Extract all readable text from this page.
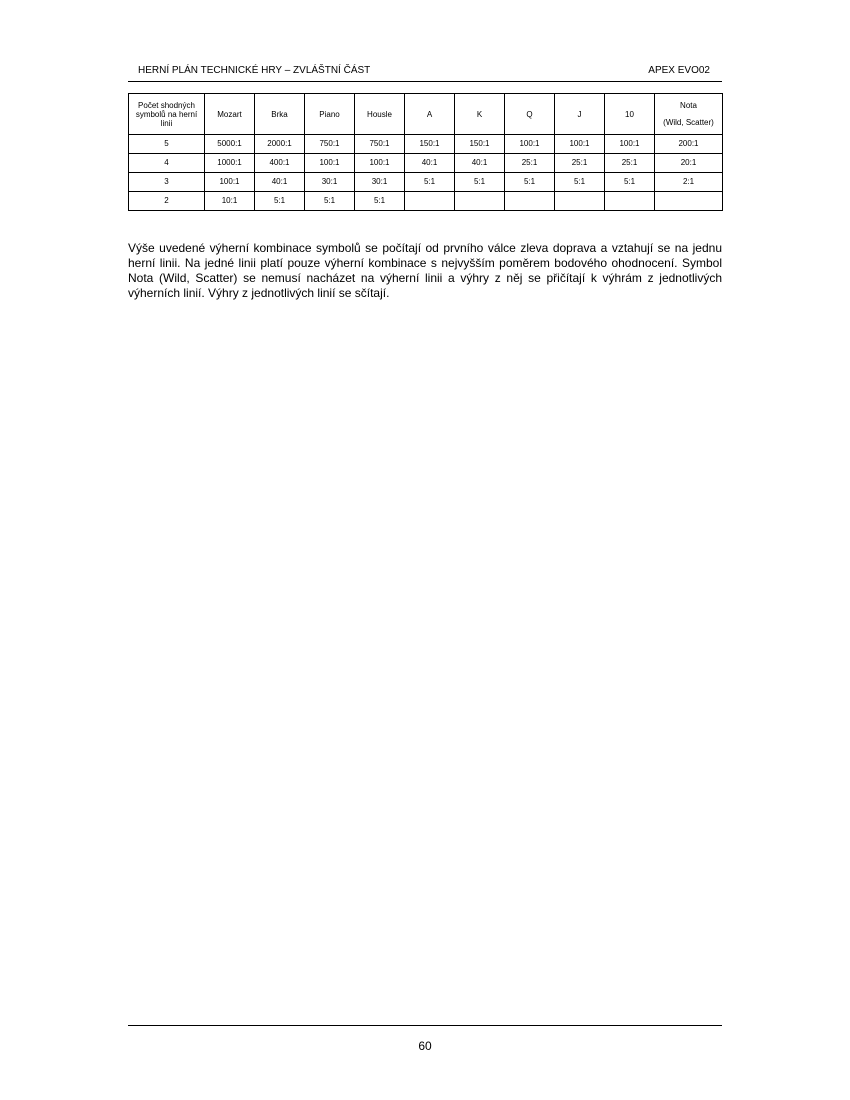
HERNÍ PLÁN TECHNICKÉ HRY – ZVLÁŠTNÍ ČÁST	APEX EVO02
Počet shodných symbolů na herní linii	Mozart	Brka	Piano	Housle	A	K	Q	J	10	Nota
(Wild, Scatter)

5	5000:1	2000:1	750:1	750:1	150:1	150:1	100:1	100:1	100:1	200:1
4	1000:1	400:1	100:1	100:1	40:1	40:1	25:1	25:1	25:1	20:1
3	100:1	40:1	30:1	30:1	5:1	5:1	5:1	5:1	5:1	2:1
2	10:1	5:1	5:1	5:1						
Výše uvedené výherní kombinace symbolů se počítají od prvního válce zleva doprava a vztahují se na jednu herní linii. Na jedné linii platí pouze výherní kombinace s nejvyšším poměrem bodového ohodnocení. Symbol Nota (Wild, Scatter) se nemusí nacházet na výherní linii a výhry z něj se přičítají k výhrám z jednotlivých výherních linií. Výhry z jednotlivých linií se sčítají.
60
